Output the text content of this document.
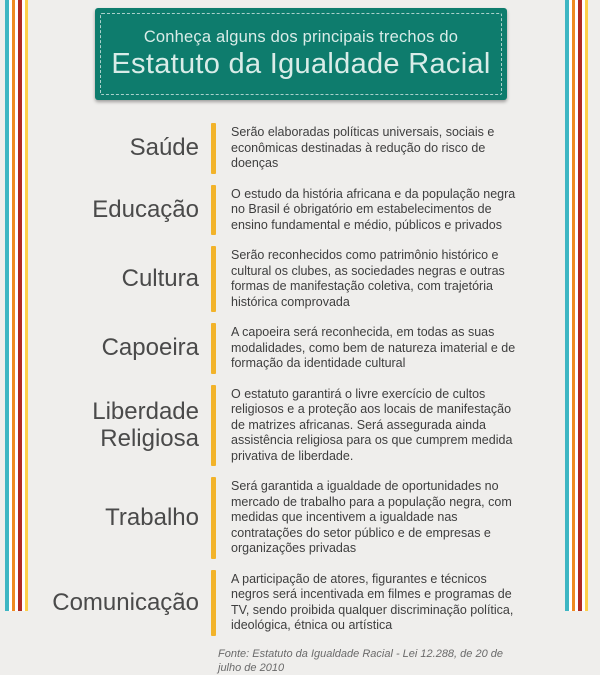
Conheça alguns dos principais trechos do
Estatuto da Igualdade Racial
Saúde
Serão elaboradas políticas universais, sociais e econômicas destinadas à redução do risco de doenças
Educação
O estudo da história africana e da população negra no Brasil é obrigatório em estabelecimentos de ensino fundamental e médio, públicos e privados
Cultura
Serão reconhecidos como patrimônio histórico e cultural os clubes, as sociedades negras e outras formas de manifestação coletiva, com trajetória histórica comprovada
Capoeira
A capoeira será reconhecida, em todas as suas modalidades, como bem de natureza imaterial e de formação da identidade cultural
Liberdade Religiosa
O estatuto garantirá o livre exercício de cultos religiosos e a proteção aos locais de manifestação de matrizes africanas. Será assegurada ainda assistência religiosa para os que cumprem medida privativa de liberdade.
Trabalho
Será garantida a igualdade de oportunidades no mercado de trabalho para a população negra, com medidas que incentivem a igualdade nas contratações do setor público e de empresas e organizações privadas
Comunicação
A participação de atores, figurantes e técnicos negros será incentivada em filmes e programas de TV, sendo proibida qualquer discriminação política, ideológica, étnica ou artística
Fonte: Estatuto da Igualdade Racial - Lei 12.288, de 20 de julho de 2010
